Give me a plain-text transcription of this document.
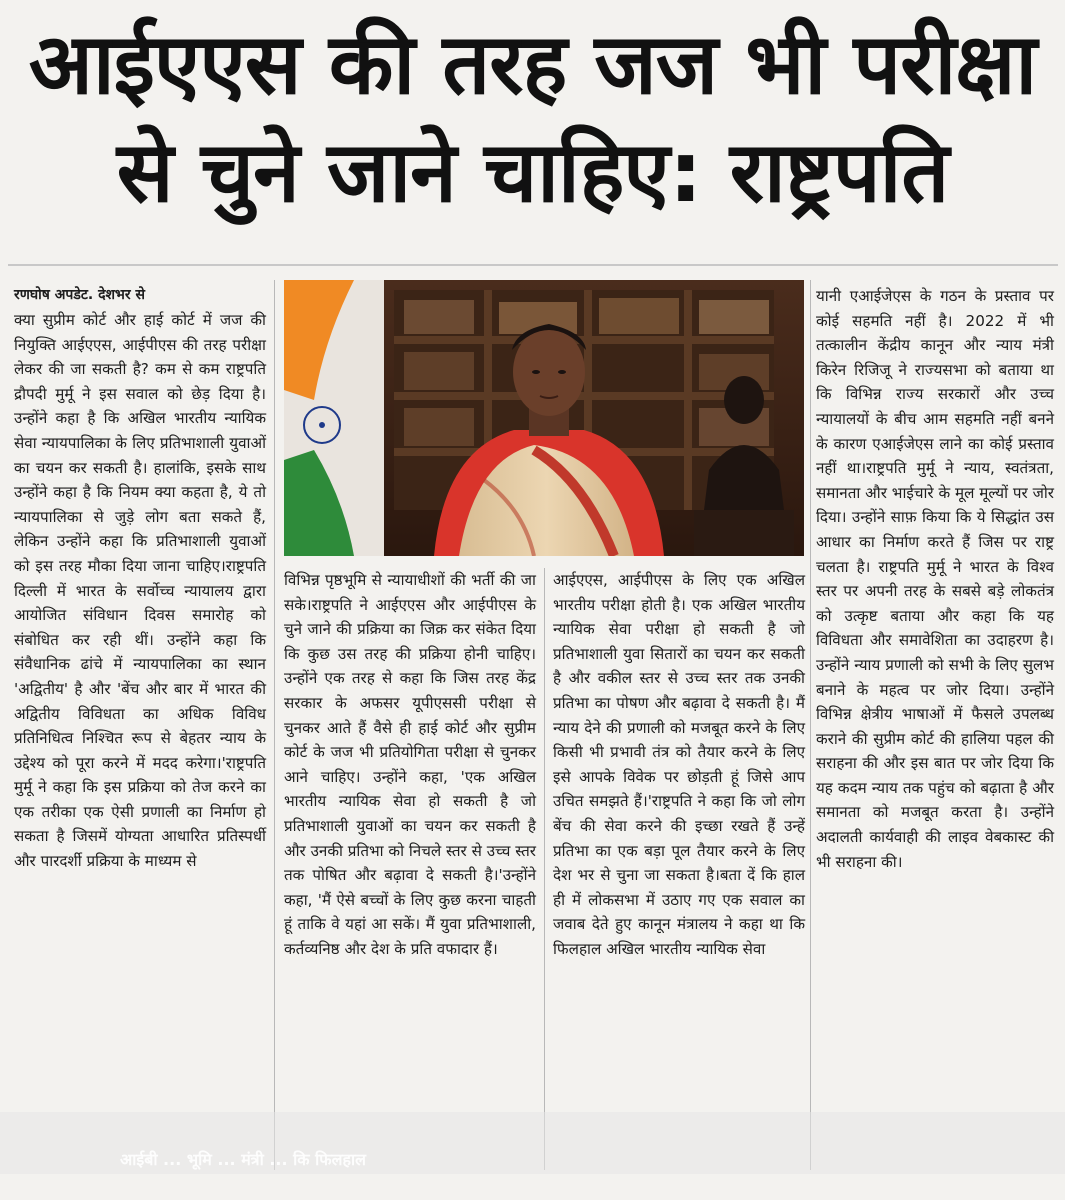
आईएएस की तरह जज भी परीक्षा
से चुने जाने चाहिए: राष्ट्रपति
रणघोष अपडेट. देशभर से

क्या सुप्रीम कोर्ट और हाई कोर्ट में जज की नियुक्ति आईएएस, आईपीएस की तरह परीक्षा लेकर की जा सकती है? कम से कम राष्ट्रपति द्रौपदी मुर्मू ने इस सवाल को छेड़ दिया है। उन्होंने कहा है कि अखिल भारतीय न्यायिक सेवा न्यायपालिका के लिए प्रतिभाशाली युवाओं का चयन कर सकती है। हालांकि, इसके साथ उन्होंने कहा है कि नियम क्या कहता है, ये तो न्यायपालिका से जुड़े लोग बता सकते हैं, लेकिन उन्होंने कहा कि प्रतिभाशाली युवाओं को इस तरह मौका दिया जाना चाहिए।राष्ट्रपति दिल्ली में भारत के सर्वोच्च न्यायालय द्वारा आयोजित संविधान दिवस समारोह को संबोधित कर रही थीं। उन्होंने कहा कि संवैधानिक ढांचे में न्यायपालिका का स्थान 'अद्वितीय' है और 'बेंच और बार में भारत की अद्वितीय विविधता का अधिक विविध प्रतिनिधित्व निश्चित रूप से बेहतर न्याय के उद्देश्य को पूरा करने में मदद करेगा।'राष्ट्रपति मुर्मू ने कहा कि इस प्रक्रिया को तेज करने का एक तरीका एक ऐसी प्रणाली का निर्माण हो सकता है जिसमें योग्यता आधारित प्रतिस्पर्धी और पारदर्शी प्रक्रिया के माध्यम से

विभिन्न पृष्ठभूमि से न्यायाधीशों की भर्ती की जा सके।राष्ट्रपति ने आईएएस और आईपीएस के चुने जाने की प्रक्रिया का जिक्र कर संकेत दिया कि कुछ उस तरह की प्रक्रिया होनी चाहिए। उन्होंने एक तरह से कहा कि जिस तरह केंद्र सरकार के अफसर यूपीएससी परीक्षा से चुनकर आते हैं वैसे ही हाई कोर्ट और सुप्रीम कोर्ट के जज भी प्रतियोगिता परीक्षा से चुनकर आने चाहिए। उन्होंने कहा, 'एक अखिल भारतीय न्यायिक सेवा हो सकती है जो प्रतिभाशाली युवाओं का चयन कर सकती है और उनकी प्रतिभा को निचले स्तर से उच्च स्तर तक पोषित और बढ़ावा दे सकती है।'उन्होंने कहा, 'मैं ऐसे बच्चों के लिए कुछ करना चाहती हूं ताकि वे यहां आ सकें। मैं युवा प्रतिभाशाली, कर्तव्यनिष्ठ और देश के प्रति वफादार हैं।

आईएएस, आईपीएस के लिए एक अखिल भारतीय परीक्षा होती है। एक अखिल भारतीय न्यायिक सेवा परीक्षा हो सकती है जो प्रतिभाशाली युवा सितारों का चयन कर सकती है और वकील स्तर से उच्च स्तर तक उनकी प्रतिभा का पोषण और बढ़ावा दे सकती है। मैं न्याय देने की प्रणाली को मजबूत करने के लिए किसी भी प्रभावी तंत्र को तैयार करने के लिए इसे आपके विवेक पर छोड़ती हूं जिसे आप उचित समझते हैं।'राष्ट्रपति ने कहा कि जो लोग बेंच की सेवा करने की इच्छा रखते हैं उन्हें प्रतिभा का एक बड़ा पूल तैयार करने के लिए देश भर से चुना जा सकता है।बता दें कि हाल ही में लोकसभा में उठाए गए एक सवाल का जवाब देते हुए कानून मंत्रालय ने कहा था कि फिलहाल अखिल भारतीय न्यायिक सेवा

यानी एआईजेएस के गठन के प्रस्ताव पर कोई सहमति नहीं है। 2022 में भी तत्कालीन केंद्रीय कानून और न्याय मंत्री किरेन रिजिजू ने राज्यसभा को बताया था कि विभिन्न राज्य सरकारों और उच्च न्यायालयों के बीच आम सहमति नहीं बनने के कारण एआईजेएस लाने का कोई प्रस्ताव नहीं था।राष्ट्रपति मुर्मू ने न्याय, स्वतंत्रता, समानता और भाईचारे के मूल मूल्यों पर जोर दिया। उन्होंने साफ़ किया कि ये सिद्धांत उस आधार का निर्माण करते हैं जिस पर राष्ट्र चलता है। राष्ट्रपति मुर्मू ने भारत के विश्व स्तर पर अपनी तरह के सबसे बड़े लोकतंत्र को उत्कृष्ट बताया और कहा कि यह विविधता और समावेशिता का उदाहरण है।उन्होंने न्याय प्रणाली को सभी के लिए सुलभ बनाने के महत्व पर जोर दिया। उन्होंने विभिन्न क्षेत्रीय भाषाओं में फैसले उपलब्ध कराने की सुप्रीम कोर्ट की हालिया पहल की सराहना की और इस बात पर जोर दिया कि यह कदम न्याय तक पहुंच को बढ़ाता है और समानता को मजबूत करता है। उन्होंने अदालती कार्यवाही की लाइव वेबकास्ट की भी सराहना की।

आईबी ... भूमि ... मंत्री ... कि फिलहाल
